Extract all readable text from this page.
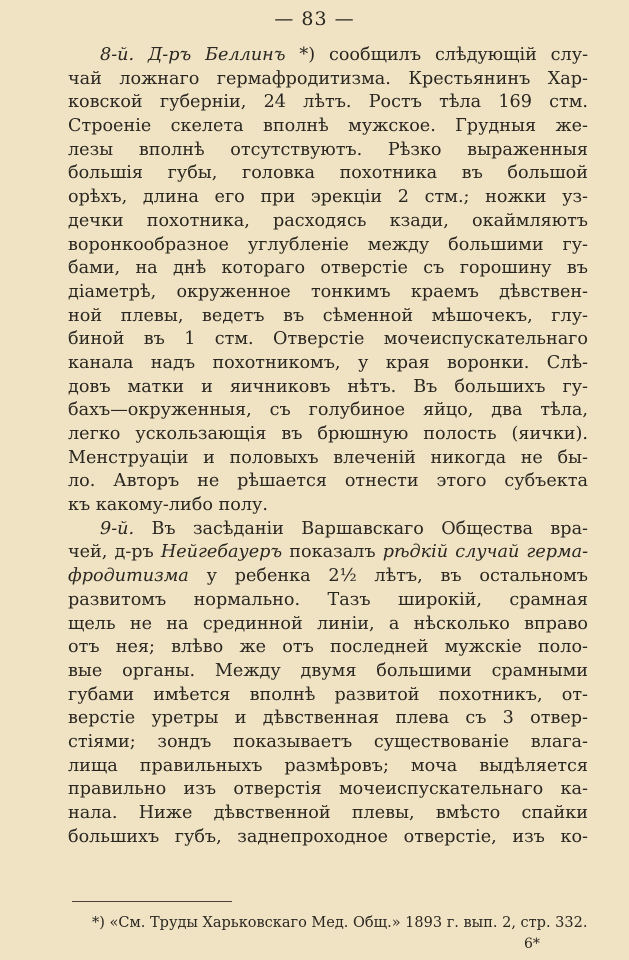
— 83 —
8-й. Д-ръ Беллинъ *) сообщилъ слѣдующій слу-
чай ложнаго гермафродитизма. Крестьянинъ Хар-
ковской губерніи, 24 лѣтъ. Ростъ тѣла 169 стм.
Строеніе скелета вполнѣ мужское. Грудныя же-
лезы вполнѣ отсутствуютъ. Рѣзко выраженныя
большія губы, головка похотника въ большой
орѣхъ, длина его при эрекціи 2 стм.; ножки уз-
дечки похотника, расходясь кзади, окаймляютъ
воронкообразное углубленіе между большими гу-
бами, на днѣ котораго отверстіе съ горошину въ
діаметрѣ, окруженное тонкимъ краемъ дѣвствен-
ной плевы, ведетъ въ сѣменной мѣшочекъ, глу-
биной въ 1 стм. Отверстіе мочеиспускательнаго
канала надъ похотникомъ, у края воронки. Слѣ-
довъ матки и яичниковъ нѣтъ. Въ большихъ гу-
бахъ—окруженныя, съ голубиное яйцо, два тѣла,
легко ускользающія въ брюшную полость (яички).
Менструаціи и половыхъ влеченій никогда не бы-
ло. Авторъ не рѣшается отнести этого субъекта
къ какому-либо полу.
9-й. Въ засѣданіи Варшавскаго Общества вра-
чей, д-ръ Нейгебауеръ показалъ рѣдкій случай герма-
фродитизма у ребенка 2½ лѣтъ, въ остальномъ
развитомъ нормально. Тазъ широкій, срамная
щель не на срединной линіи, а нѣсколько вправо
отъ нея; влѣво же отъ последней мужскіе поло-
выe органы. Между двумя большими срамными
губами имѣется вполнѣ развитой похотникъ, от-
верстіе уретры и дѣвственная плева съ 3 отвер-
стіями; зондъ показываетъ существованіе влага-
лища правильныхъ размѣровъ; моча выдѣляется
правильно изъ отверстія мочеиспускательнаго ка-
нала. Ниже дѣвственной плевы, вмѣсто спайки
большихъ губъ, заднепроходное отверстіе, изъ ко-
*) «См. Труды Харьковскаго Мед. Общ.» 1893 г. вып. 2, стр. 332.
6*
